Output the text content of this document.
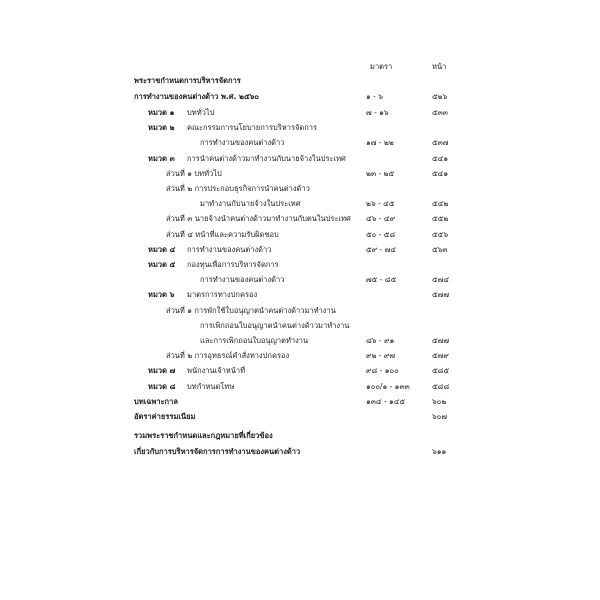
มาตรา	หน้า
พระราชกำหนดการบริหารจัดการ
การทำงานของคนต่างด้าว พ.ศ. ๒๕๖๐	๑ - ๖	๕๒๖
หมวด ๑ บททั่วไป	๗ - ๑๖	๕๓๓
หมวด ๒ คณะกรรมการนโยบายการบริหารจัดการ
การทำงานของคนต่างด้าว	๑๗ - ๒๒	๕๓๗
หมวด ๓ การนำคนต่างด้าวมาทำงานกับนายจ้างในประเทศ	๕๔๑
ส่วนที่ ๑ บททั่วไป	๒๓ - ๒๕	๕๔๑
ส่วนที่ ๒ การประกอบธุรกิจการนำคนต่างด้าว
มาทำงานกับนายจ้างในประเทศ	๒๖ - ๔๕	๕๔๒
ส่วนที่ ๓ นายจ้างนำคนต่างด้าวมาทำงานกับตนในประเทศ ๔๖ - ๔๙	๕๕๒
ส่วนที่ ๔ หน้าที่และความรับผิดชอบ	๕๐ - ๕๘	๕๕๖
หมวด ๔ การทำงานของคนต่างด้าว	๕๙ - ๗๔	๕๖๓
หมวด ๕ กองทุนเพื่อการบริหารจัดการ
การทำงานของคนต่างด้าว	๗๕ - ๘๕	๕๗๔
หมวด ๖ มาตรการทางปกครอง	๕๗๗
ส่วนที่ ๑ การพักใช้ใบอนุญาตนำคนต่างด้าวมาทำงาน
การเพิกถอนใบอนุญาตนำคนต่างด้าวมาทำงาน
และการเพิกถอนใบอนุญาตทำงาน	๘๖ - ๙๑	๕๗๗
ส่วนที่ ๒ การอุทธรณ์คำสั่งทางปกครอง	๙๒ - ๙๗	๕๗๙
หมวด ๗ พนักงานเจ้าหน้าที่	๙๘ - ๑๐๐	๕๘๕
หมวด ๘ บทกำหนดโทษ	๑๐๐/๑ - ๑๓๓	๕๘๘
บทเฉพาะกาล	๑๓๔ - ๑๔๕	๖๐๒
อัตราค่าธรรมเนียม	๖๐๗
รวมพระราชกำหนดและกฎหมายที่เกี่ยวข้อง
เกี่ยวกับการบริหารจัดการการทำงานของคนต่างด้าว	๖๑๑
